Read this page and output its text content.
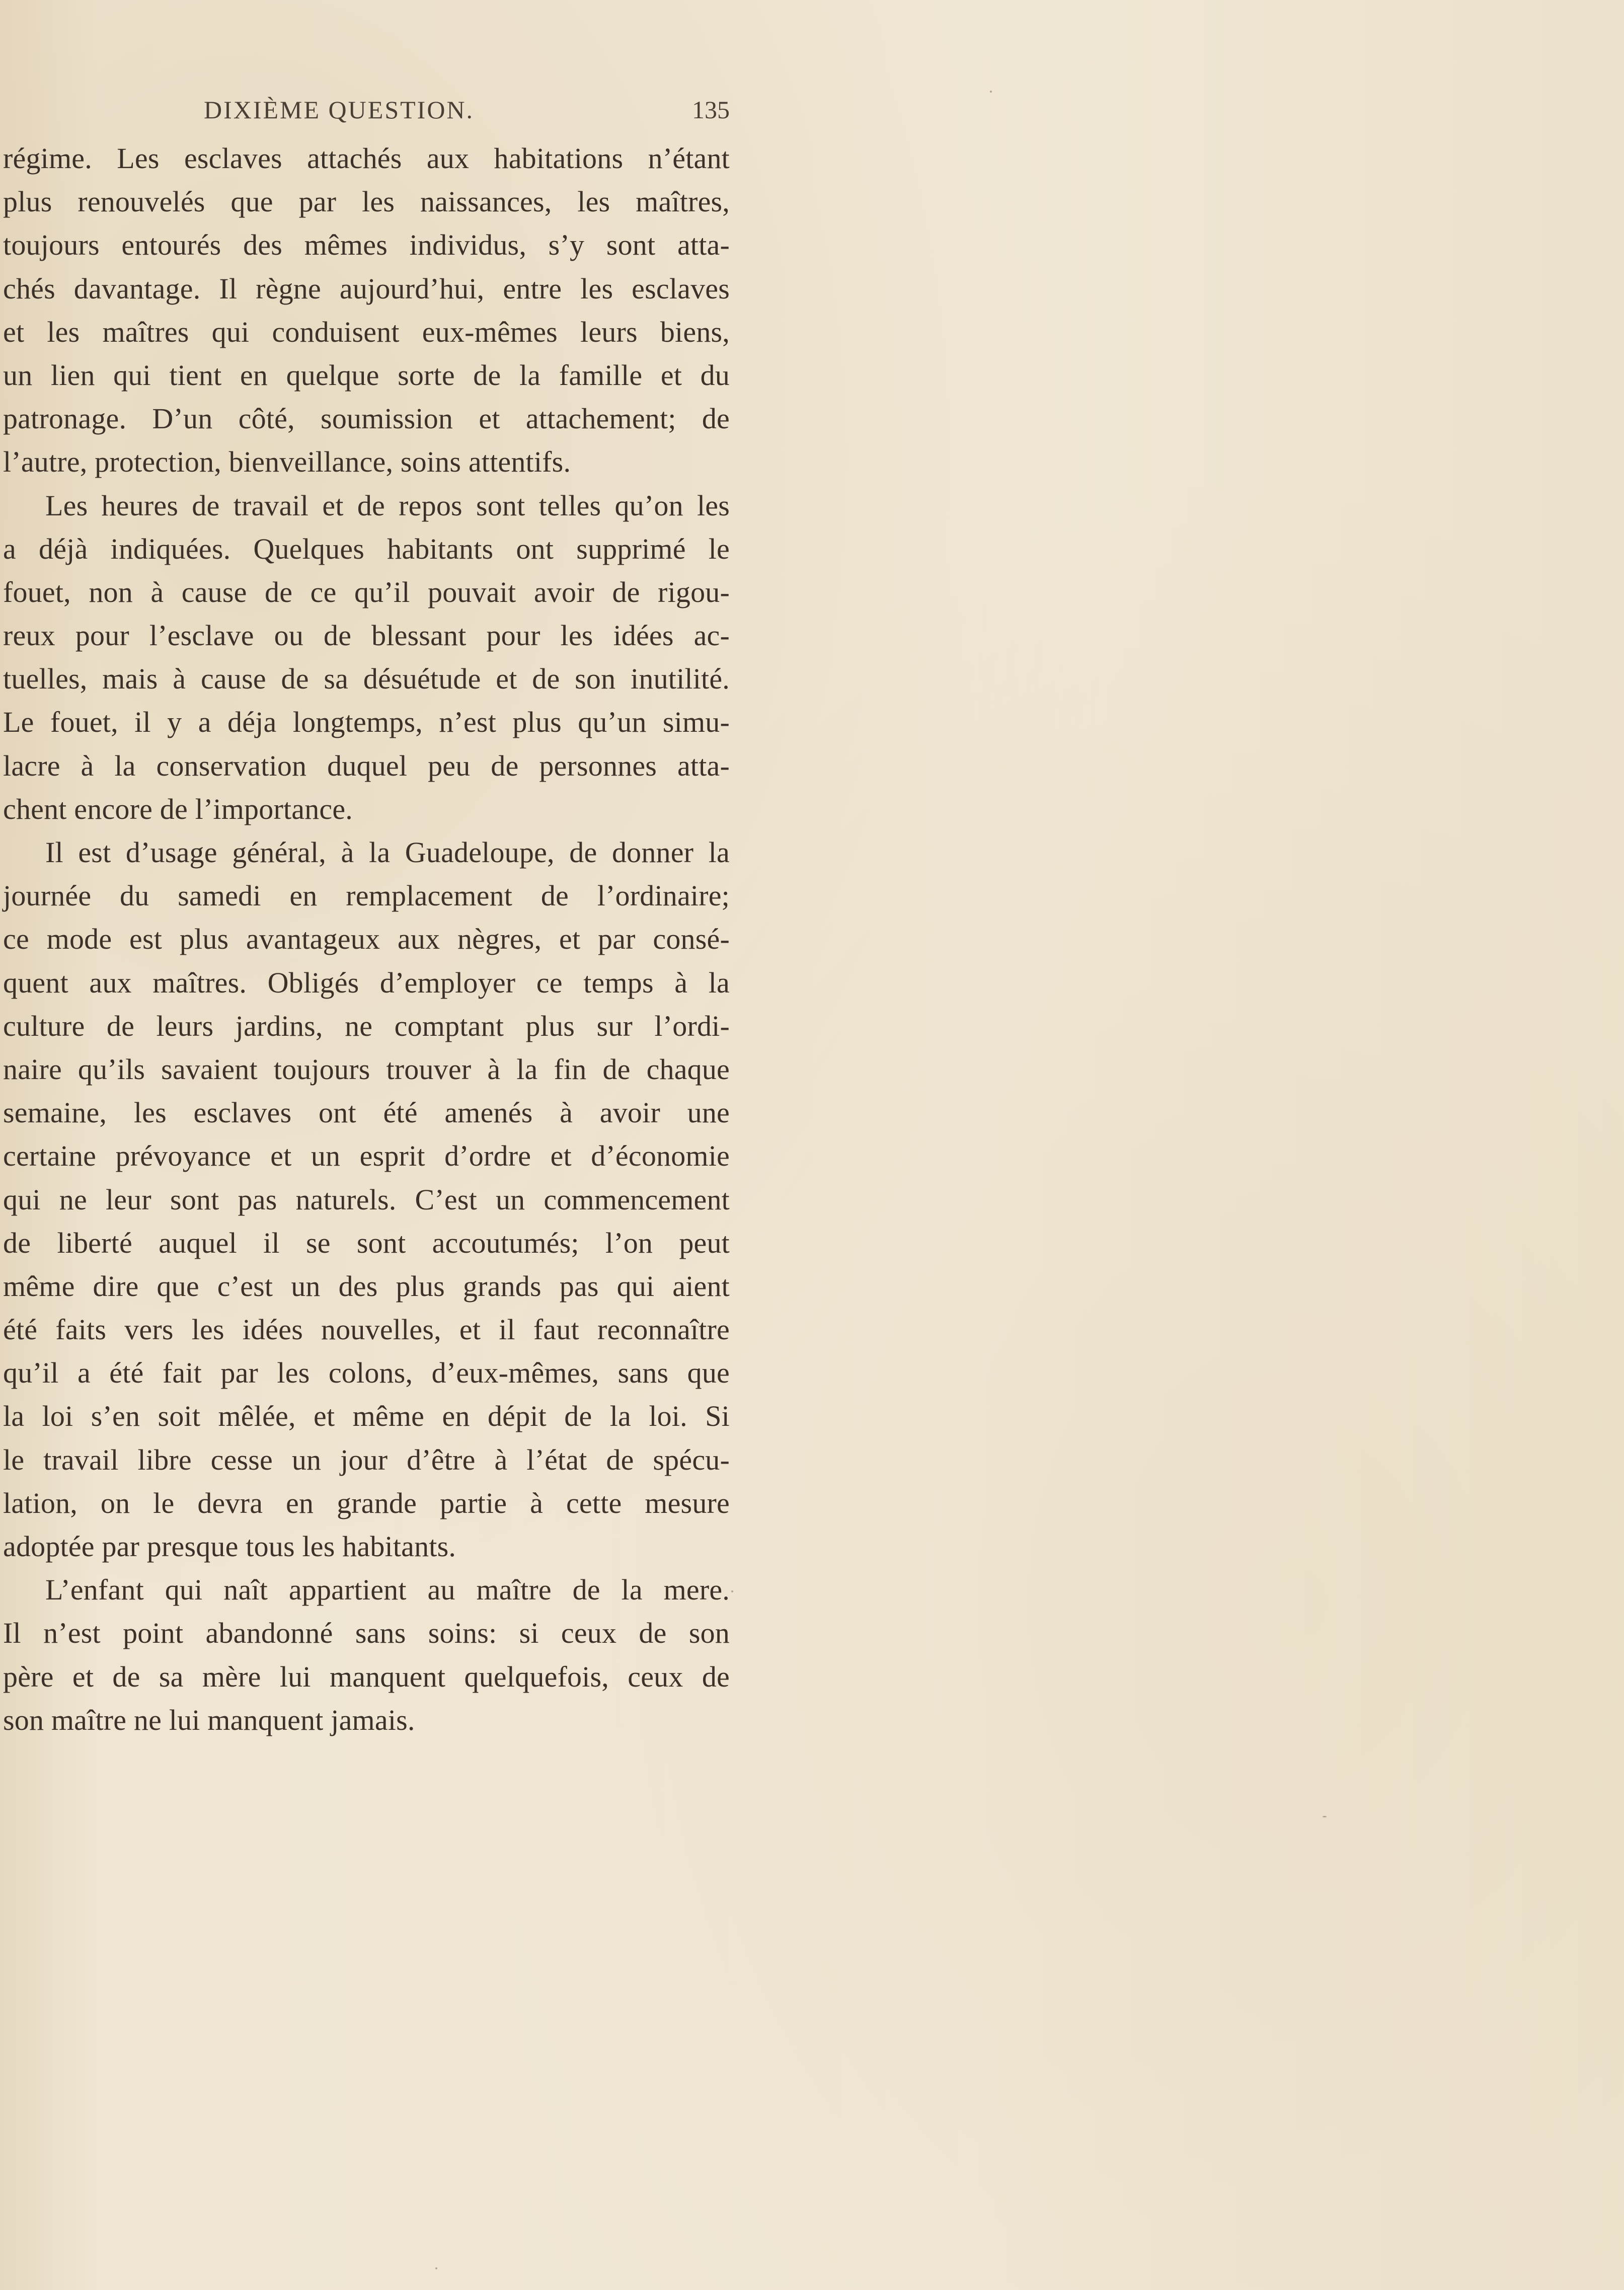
DIXIÈME QUESTION.	135
régime. Les esclaves attachés aux habitations n’étant
plus renouvelés que par les naissances, les maîtres,
toujours entourés des mêmes individus, s’y sont atta-
chés davantage. Il règne aujourd’hui, entre les esclaves
et les maîtres qui conduisent eux-mêmes leurs biens,
un lien qui tient en quelque sorte de la famille et du
patronage. D’un côté, soumission et attachement; de
l’autre, protection, bienveillance, soins attentifs.
Les heures de travail et de repos sont telles qu’on les
a déjà indiquées. Quelques habitants ont supprimé le
fouet, non à cause de ce qu’il pouvait avoir de rigou-
reux pour l’esclave ou de blessant pour les idées ac-
tuelles, mais à cause de sa désuétude et de son inutilité.
Le fouet, il y a déja longtemps, n’est plus qu’un simu-
lacre à la conservation duquel peu de personnes atta-
chent encore de l’importance.
Il est d’usage général, à la Guadeloupe, de donner la
journée du samedi en remplacement de l’ordinaire;
ce mode est plus avantageux aux nègres, et par consé-
quent aux maîtres. Obligés d’employer ce temps à la
culture de leurs jardins, ne comptant plus sur l’ordi-
naire qu’ils savaient toujours trouver à la fin de chaque
semaine, les esclaves ont été amenés à avoir une
certaine prévoyance et un esprit d’ordre et d’économie
qui ne leur sont pas naturels. C’est un commencement
de liberté auquel il se sont accoutumés; l’on peut
même dire que c’est un des plus grands pas qui aient
été faits vers les idées nouvelles, et il faut reconnaître
qu’il a été fait par les colons, d’eux-mêmes, sans que
la loi s’en soit mêlée, et même en dépit de la loi. Si
le travail libre cesse un jour d’être à l’état de spécu-
lation, on le devra en grande partie à cette mesure
adoptée par presque tous les habitants.
L’enfant qui naît appartient au maître de la mere.
Il n’est point abandonné sans soins: si ceux de son
père et de sa mère lui manquent quelquefois, ceux de
son maître ne lui manquent jamais.
